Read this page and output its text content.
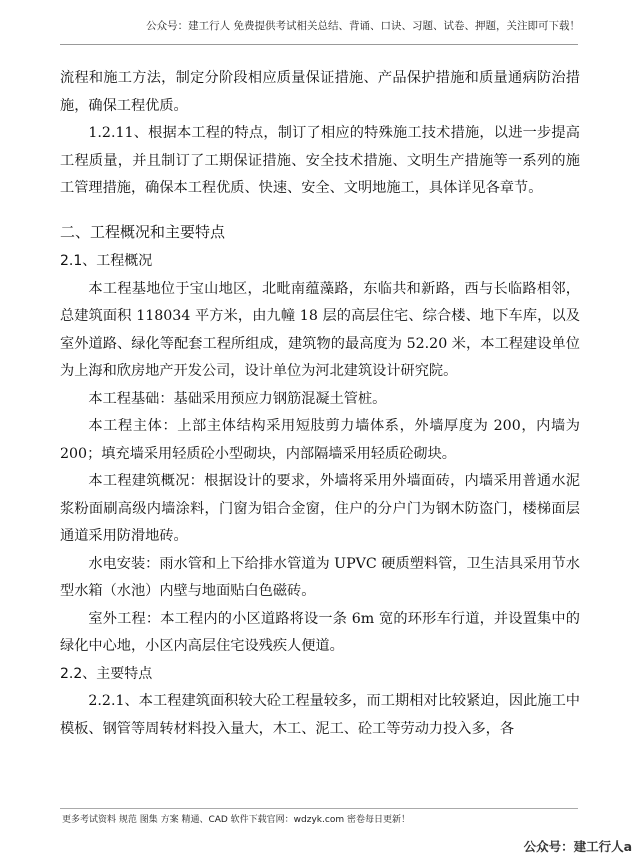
公众号：建工行人 免费提供考试相关总结、背诵、口诀、习题、试卷、押题，关注即可下载！

流程和施工方法，制定分阶段相应质量保证措施、产品保护措施和质量通病防治措施，确保工程优质。

1.2.11、根据本工程的特点，制订了相应的特殊施工技术措施，以进一步提高工程质量，并且制订了工期保证措施、安全技术措施、文明生产措施等一系列的施工管理措施，确保本工程优质、快速、安全、文明地施工，具体详见各章节。

二、工程概况和主要特点

2.1、工程概况

本工程基地位于宝山地区，北毗南蕴藻路，东临共和新路，西与长临路相邻，总建筑面积 118034 平方米，由九幢 18 层的高层住宅、综合楼、地下车库，以及室外道路、绿化等配套工程所组成，建筑物的最高度为 52.20 米，本工程建设单位为上海和欣房地产开发公司，设计单位为河北建筑设计研究院。

本工程基础：基础采用预应力钢筋混凝土管桩。

本工程主体：上部主体结构采用短肢剪力墙体系，外墙厚度为 200，内墙为 200；填充墙采用轻质砼小型砌块，内部隔墙采用轻质砼砌块。

本工程建筑概况：根据设计的要求，外墙将采用外墙面砖，内墙采用普通水泥浆粉面刷高级内墙涂料，门窗为铝合金窗，住户的分户门为钢木防盗门，楼梯面层通道采用防滑地砖。

水电安装：雨水管和上下给排水管道为 UPVC 硬质塑料管，卫生洁具采用节水型水箱（水池）内壁与地面贴白色磁砖。

室外工程：本工程内的小区道路将设一条 6m 宽的环形车行道，并设置集中的绿化中心地，小区内高层住宅设残疾人便道。

2.2、主要特点

2.2.1、本工程建筑面积较大砼工程量较多，而工期相对比较紧迫，因此施工中模板、钢管等周转材料投入量大，木工、泥工、砼工等劳动力投入多，各

更多考试资料 规范 图集 方案 精通、CAD 软件下载官网：wdzyk.com 密卷每日更新！
公众号：建工行人a
